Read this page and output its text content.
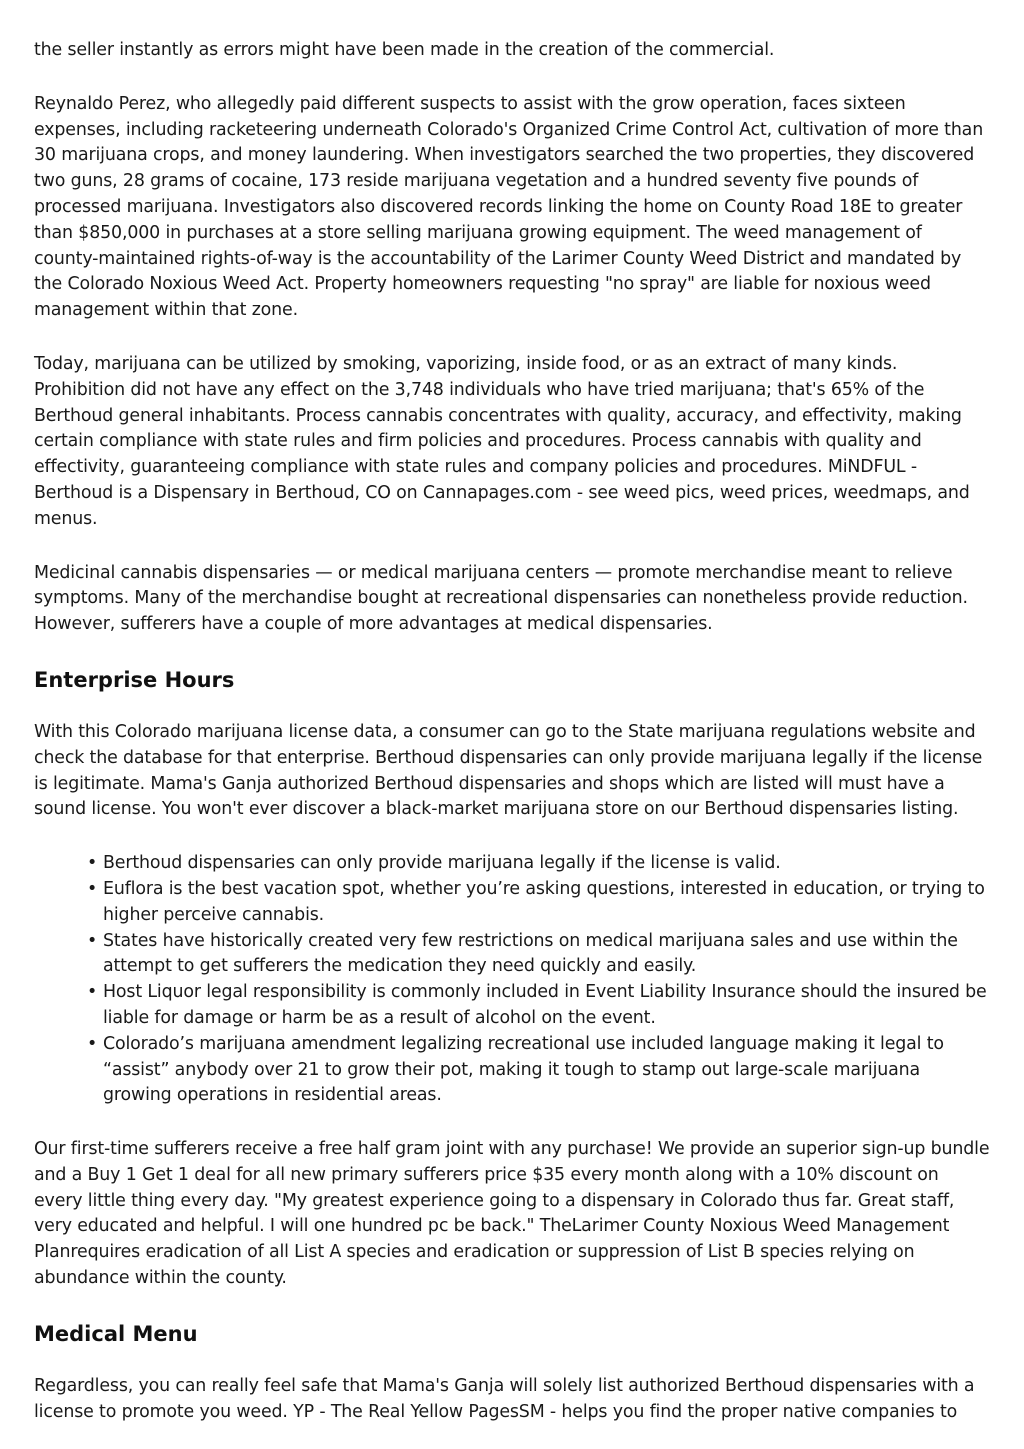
the seller instantly as errors might have been made in the creation of the commercial.

Reynaldo Perez, who allegedly paid different suspects to assist with the grow operation, faces sixteen expenses, including racketeering underneath Colorado's Organized Crime Control Act, cultivation of more than 30 marijuana crops, and money laundering. When investigators searched the two properties, they discovered two guns, 28 grams of cocaine, 173 reside marijuana vegetation and a hundred seventy five pounds of processed marijuana. Investigators also discovered records linking the home on County Road 18E to greater than $850,000 in purchases at a store selling marijuana growing equipment. The weed management of county-maintained rights-of-way is the accountability of the Larimer County Weed District and mandated by the Colorado Noxious Weed Act. Property homeowners requesting "no spray" are liable for noxious weed management within that zone.

Today, marijuana can be utilized by smoking, vaporizing, inside food, or as an extract of many kinds. Prohibition did not have any effect on the 3,748 individuals who have tried marijuana; that's 65% of the Berthoud general inhabitants. Process cannabis concentrates with quality, accuracy, and effectivity, making certain compliance with state rules and firm policies and procedures. Process cannabis with quality and effectivity, guaranteeing compliance with state rules and company policies and procedures. MiNDFUL - Berthoud is a Dispensary in Berthoud, CO on Cannapages.com - see weed pics, weed prices, weedmaps, and menus.

Medicinal cannabis dispensaries — or medical marijuana centers — promote merchandise meant to relieve symptoms. Many of the merchandise bought at recreational dispensaries can nonetheless provide reduction. However, sufferers have a couple of more advantages at medical dispensaries.

Enterprise Hours

With this Colorado marijuana license data, a consumer can go to the State marijuana regulations website and check the database for that enterprise. Berthoud dispensaries can only provide marijuana legally if the license is legitimate. Mama's Ganja authorized Berthoud dispensaries and shops which are listed will must have a sound license. You won't ever discover a black-market marijuana store on our Berthoud dispensaries listing.

• Berthoud dispensaries can only provide marijuana legally if the license is valid.
• Euflora is the best vacation spot, whether you’re asking questions, interested in education, or trying to higher perceive cannabis.
• States have historically created very few restrictions on medical marijuana sales and use within the attempt to get sufferers the medication they need quickly and easily.
• Host Liquor legal responsibility is commonly included in Event Liability Insurance should the insured be liable for damage or harm be as a result of alcohol on the event.
• Colorado’s marijuana amendment legalizing recreational use included language making it legal to “assist” anybody over 21 to grow their pot, making it tough to stamp out large-scale marijuana growing operations in residential areas.

Our first-time sufferers receive a free half gram joint with any purchase! We provide an superior sign-up bundle and a Buy 1 Get 1 deal for all new primary sufferers price $35 every month along with a 10% discount on every little thing every day. "My greatest experience going to a dispensary in Colorado thus far. Great staff, very educated and helpful. I will one hundred pc be back." TheLarimer County Noxious Weed Management Planrequires eradication of all List A species and eradication or suppression of List B species relying on abundance within the county.

Medical Menu

Regardless, you can really feel safe that Mama's Ganja will solely list authorized Berthoud dispensaries with a license to promote you weed. YP - The Real Yellow PagesSM - helps you find the proper native companies to
